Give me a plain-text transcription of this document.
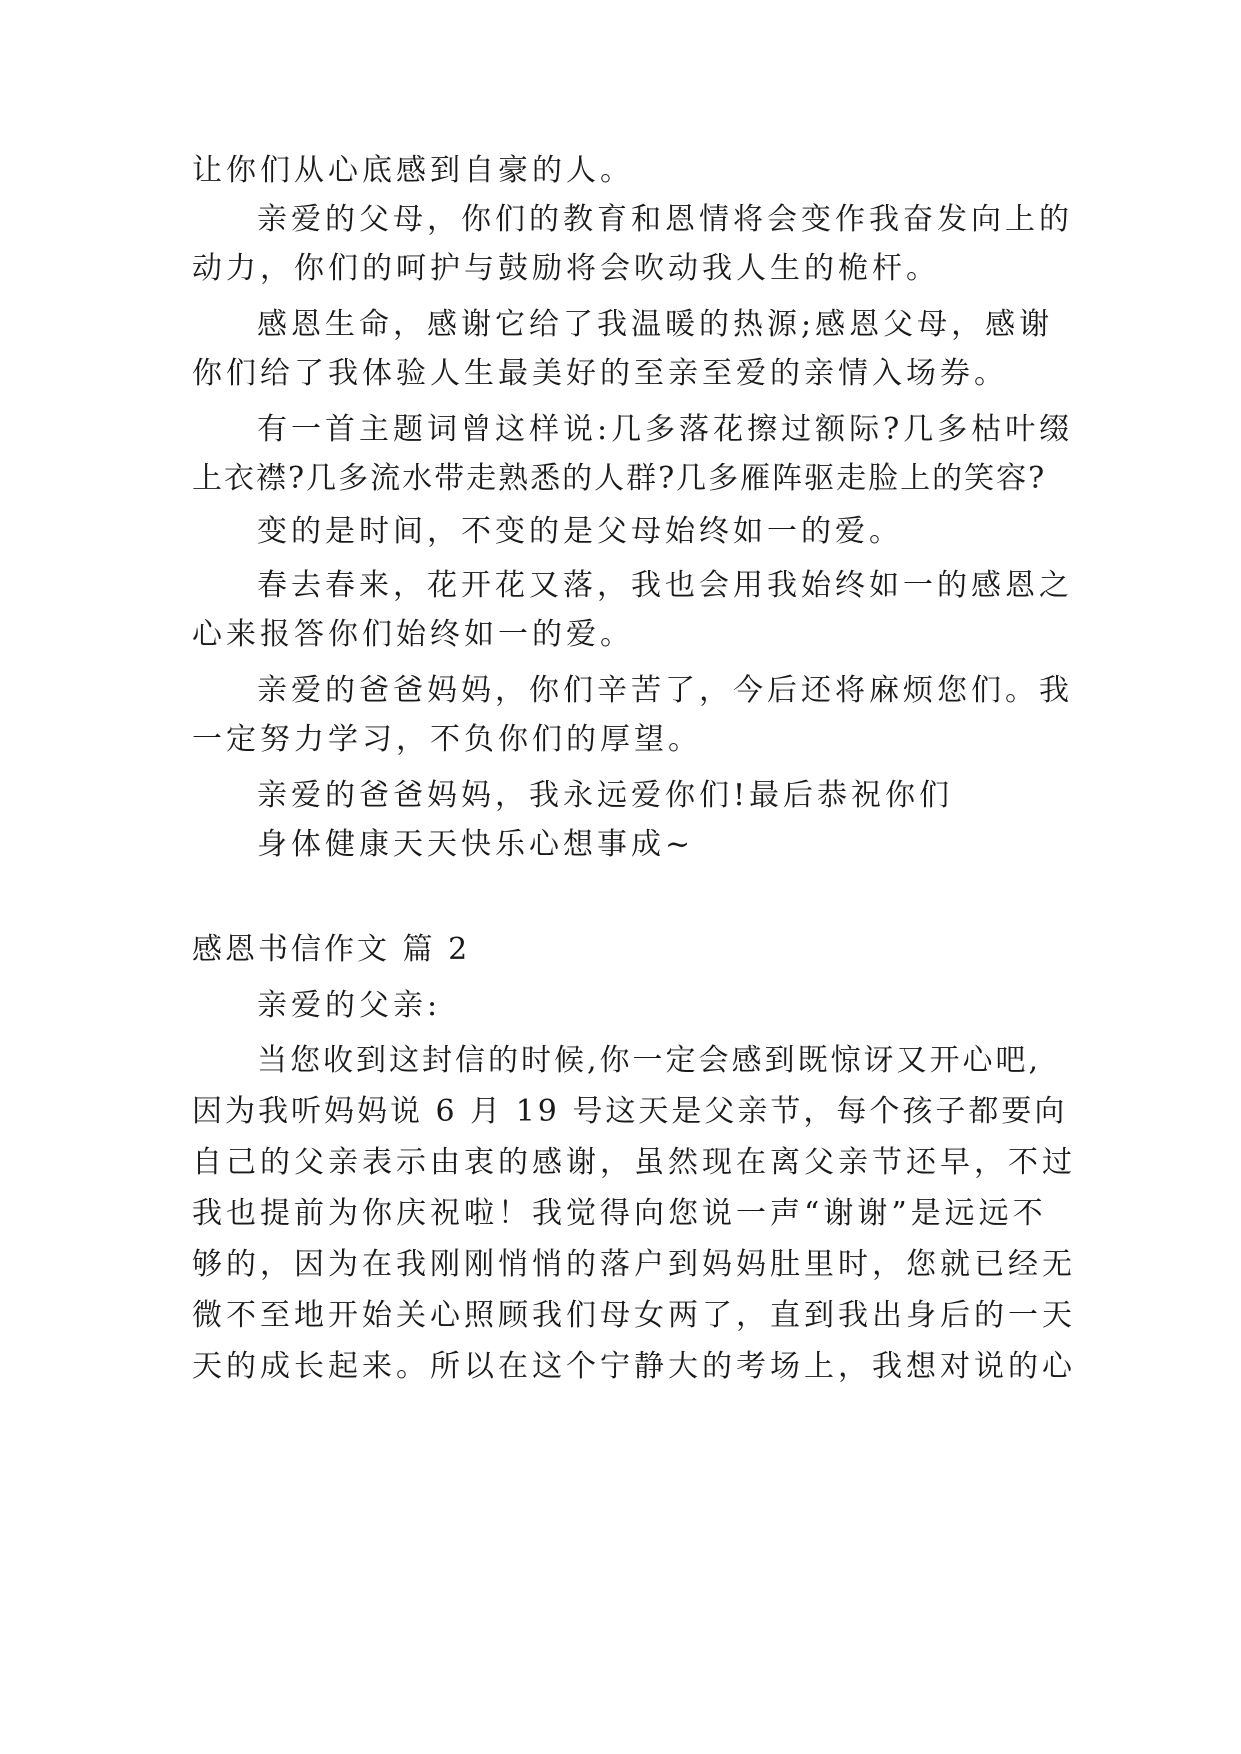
让你们从心底感到自豪的人。
亲爱的父母，你们的教育和恩情将会变作我奋发向上的
动力，你们的呵护与鼓励将会吹动我人生的桅杆。
感恩生命，感谢它给了我温暖的热源;感恩父母，感谢
你们给了我体验人生最美好的至亲至爱的亲情入场券。
有一首主题词曾这样说:几多落花擦过额际?几多枯叶缀
上衣襟?几多流水带走熟悉的人群?几多雁阵驱走脸上的笑容?
变的是时间，不变的是父母始终如一的爱。
春去春来，花开花又落，我也会用我始终如一的感恩之
心来报答你们始终如一的爱。
亲爱的爸爸妈妈，你们辛苦了，今后还将麻烦您们。我
一定努力学习，不负你们的厚望。
亲爱的爸爸妈妈，我永远爱你们!最后恭祝你们
身体健康天天快乐心想事成~
感恩书信作文 篇 2
亲爱的父亲:
当您收到这封信的时候,你一定会感到既惊讶又开心吧,
因为我听妈妈说 6 月 19 号这天是父亲节，每个孩子都要向
自己的父亲表示由衷的感谢，虽然现在离父亲节还早，不过
我也提前为你庆祝啦！我觉得向您说一声“谢谢”是远远不
够的，因为在我刚刚悄悄的落户到妈妈肚里时，您就已经无
微不至地开始关心照顾我们母女两了，直到我出身后的一天
天的成长起来。所以在这个宁静大的考场上，我想对说的心
